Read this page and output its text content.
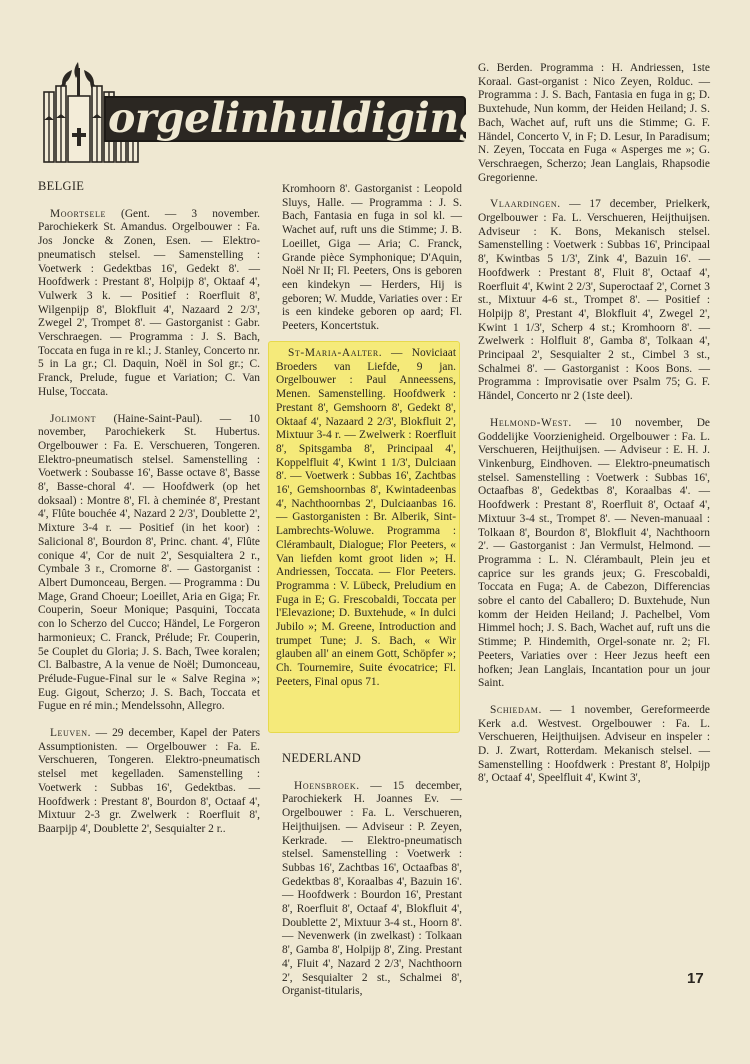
orgelinhuldigingen
BELGIE

Moortsele (Gent. — 3 november. Parochiekerk St. Amandus. Orgelbouwer : Fa. Jos Joncke & Zonen, Esen. — Elektro-pneumatisch stelsel. — Samenstelling : Voetwerk : Gedektbas 16', Gedekt 8'. — Hoofdwerk : Prestant 8', Holpijp 8', Oktaaf 4', Vulwerk 3 k. — Positief : Roerfluit 8', Wilgenpijp 8', Blokfluit 4', Nazaard 2 2/3', Zwegel 2', Trompet 8'. — Gastorganist : Gabr. Verschraegen. — Programma : J. S. Bach, Toccata en fuga in re kl.; J. Stanley, Concerto nr. 5 in La gr.; Cl. Daquin, Noël in Sol gr.; C. Franck, Prelude, fugue et Variation; C. Van Hulse, Toccata.

Jolimont (Haine-Saint-Paul). — 10 november, Parochiekerk St. Hubertus. Orgelbouwer : Fa. E. Verschueren, Tongeren. Elektro-pneumatisch stelsel. Samenstelling : Voetwerk : Soubasse 16', Basse octave 8', Basse 8', Basse-choral 4'. — Hoofdwerk (op het doksaal) : Montre 8', Fl. à cheminée 8', Prestant 4', Flûte bouchée 4', Nazard 2 2/3', Doublette 2', Mixture 3-4 r. — Positief (in het koor) : Salicional 8', Bourdon 8', Princ. chant. 4', Flûte conique 4', Cor de nuit 2', Sesquialtera 2 r., Cymbale 3 r., Cromorne 8'. — Gastorganist : Albert Dumonceau, Bergen. — Programma : Du Mage, Grand Choeur; Loeillet, Aria en Giga; Fr. Couperin, Soeur Monique; Pasquini, Toccata con lo Scherzo del Cucco; Händel, Le Forgeron harmonieux; C. Franck, Prélude; Fr. Couperin, 5e Couplet du Gloria; J. S. Bach, Twee koralen; Cl. Balbastre, A la venue de Noël; Dumonceau, Prélude-Fugue-Final sur le « Salve Regina »; Eug. Gigout, Scherzo; J. S. Bach, Toccata et Fugue en ré min.; Mendelssohn, Allegro.

Leuven. — 29 december, Kapel der Paters Assumptionisten. — Orgelbouwer : Fa. E. Verschueren, Tongeren. Elektro-pneumatisch stelsel met kegelladen. Samenstelling : Voetwerk : Subbas 16', Gedektbas. — Hoofdwerk : Prestant 8', Bourdon 8', Octaaf 4', Mixtuur 2-3 gr. Zwelwerk : Roerfluit 8', Baarpijp 4', Doublette 2', Sesquialter 2 r..

Kromhoorn 8'. Gastorganist : Leopold Sluys, Halle. — Programma : J. S. Bach, Fantasia en fuga in sol kl. — Wachet auf, ruft uns die Stimme; J. B. Loeillet, Giga — Aria; C. Franck, Grande pièce Symphonique; D'Aquin, Noël Nr II; Fl. Peeters, Ons is geboren een kindekyn — Herders, Hij is geboren; W. Mudde, Variaties over : Er is een kindeke geboren op aard; Fl. Peeters, Koncertstuk.

St-Maria-Aalter. — Noviciaat Broeders van Liefde, 9 jan. Orgelbouwer : Paul Anneessens, Menen. Samenstelling. Hoofdwerk : Prestant 8', Gemshoorn 8', Gedekt 8', Oktaaf 4', Nazaard 2 2/3', Blokfluit 2', Mixtuur 3-4 r. — Zwelwerk : Roerfluit 8', Spitsgamba 8', Principaal 4', Koppelfluit 4', Kwint 1 1/3', Dulciaan 8'. — Voetwerk : Subbas 16', Zachtbas 16', Gemshoornbas 8', Kwintadeenbas 4', Nachthoornbas 2', Dulciaanbas 16. — Gastorganisten : Br. Alberik, Sint-Lambrechts-Woluwe. Programma : Clérambault, Dialogue; Flor Peeters, « Van liefden komt groot liden »; H. Andriessen, Toccata. — Flor Peeters. Programma : V. Lübeck, Preludium en Fuga in E; G. Frescobaldi, Toccata per l'Elevazione; D. Buxtehude, « In dulci Jubilo »; M. Greene, Introduction and trumpet Tune; J. S. Bach, « Wir glauben all' an einem Gott, Schöpfer »; Ch. Tournemire, Suite évocatrice; Fl. Peeters, Final opus 71.

NEDERLAND

Hoensbroek. — 15 december, Parochiekerk H. Joannes Ev. — Orgelbouwer : Fa. L. Verschueren, Heijthuijsen. — Adviseur : P. Zeyen, Kerkrade. — Elektro-pneumatisch stelsel. Samenstelling : Voetwerk : Subbas 16', Zachtbas 16', Octaafbas 8', Gedektbas 8', Koraalbas 4', Bazuin 16'. — Hoofdwerk : Bourdon 16', Prestant 8', Roerfluit 8', Octaaf 4', Blokfluit 4', Doublette 2', Mixtuur 3-4 st., Hoorn 8'. — Nevenwerk (in zwelkast) : Tolkaan 8', Gamba 8', Holpijp 8', Zing. Prestant 4', Fluit 4', Nazard 2 2/3', Nachthoorn 2', Sesquialter 2 st., Schalmei 8', Organist-titularis,

G. Berden. Programma : H. Andriessen, 1ste Koraal. Gast-organist : Nico Zeyen, Rolduc. — Programma : J. S. Bach, Fantasia en fuga in g; D. Buxtehude, Nun komm, der Heiden Heiland; J. S. Bach, Wachet auf, ruft uns die Stimme; G. F. Händel, Concerto V, in F; D. Lesur, In Paradisum; N. Zeyen, Toccata en Fuga « Asperges me »; G. Verschraegen, Scherzo; Jean Langlais, Rhapsodie Gregorienne.

Vlaardingen. — 17 december, Prielkerk, Orgelbouwer : Fa. L. Verschueren, Heijthuijsen. Adviseur : K. Bons, Mekanisch stelsel. Samenstelling : Voetwerk : Subbas 16', Principaal 8', Kwintbas 5 1/3', Zink 4', Bazuin 16'. — Hoofdwerk : Prestant 8', Fluit 8', Octaaf 4', Roerfluit 4', Kwint 2 2/3', Superoctaaf 2', Cornet 3 st., Mixtuur 4-6 st., Trompet 8'. — Positief : Holpijp 8', Prestant 4', Blokfluit 4', Zwegel 2', Kwint 1 1/3', Scherp 4 st.; Kromhoorn 8'. — Zwelwerk : Holfluit 8', Gamba 8', Tolkaan 4', Principaal 2', Sesquialter 2 st., Cimbel 3 st., Schalmei 8'. — Gastorganist : Koos Bons. — Programma : Improvisatie over Psalm 75; G. F. Händel, Concerto nr 2 (1ste deel).

Helmond-West. — 10 november, De Goddelijke Voorzienigheid. Orgelbouwer : Fa. L. Verschueren, Heijthuijsen. — Adviseur : E. H. J. Vinkenburg, Eindhoven. — Elektro-pneumatisch stelsel. Samenstelling : Voetwerk : Subbas 16', Octaafbas 8', Gedektbas 8', Koraalbas 4'. — Hoofdwerk : Prestant 8', Roerfluit 8', Octaaf 4', Mixtuur 3-4 st., Trompet 8'. — Neven-manuaal : Tolkaan 8', Bourdon 8', Blokfluit 4', Nachthoorn 2'. — Gastorganist : Jan Vermulst, Helmond. — Programma : L. N. Clérambault, Plein jeu et caprice sur les grands jeux; G. Frescobaldi, Toccata en Fuga; A. de Cabezon, Differencias sobre el canto del Caballero; D. Buxtehude, Nun komm der Heiden Heiland; J. Pachelbel, Vom Himmel hoch; J. S. Bach, Wachet auf, ruft uns die Stimme; P. Hindemith, Orgel-sonate nr. 2; Fl. Peeters, Variaties over : Heer Jezus heeft een hofken; Jean Langlais, Incantation pour un jour Saint.

Schiedam. — 1 november, Gereformeerde Kerk a.d. Westvest. Orgelbouwer : Fa. L. Verschueren, Heijthuijsen. Adviseur en inspeler : D. J. Zwart, Rotterdam. Mekanisch stelsel. — Samenstelling : Hoofdwerk : Prestant 8', Holpijp 8', Octaaf 4', Speelfluit 4', Kwint 3',

17
